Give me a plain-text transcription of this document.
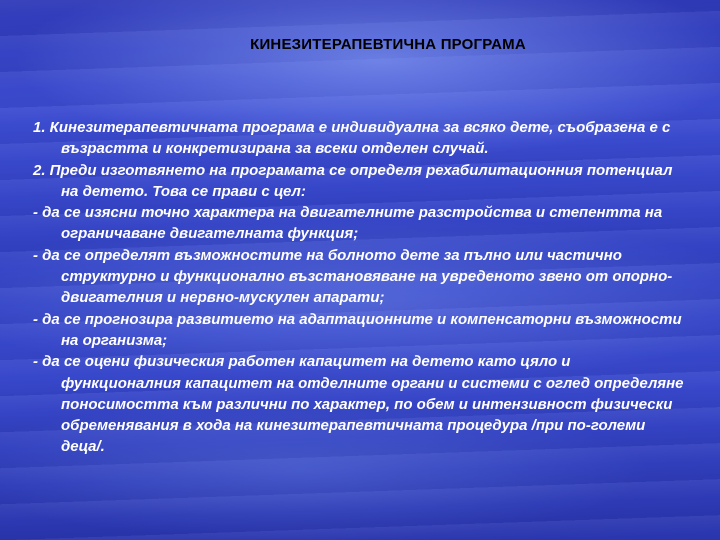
КИНЕЗИТЕРАПЕВТИЧНА ПРОГРАМА

1. Кинезитерапевтичната програма е индивидуална за всяко дете, съобразена е с възрастта и конкретизирана за всеки отделен случай.

2. Преди изготвянето на програмата се определя рехабилитационния потенциал на детето. Това се прави с цел:

- да се изясни точно характера на двигателните разстройства и степентта на ограничаване двигателната функция;

- да се определят възможностите на болното дете за пълно или частично структурно и функционално възстановяване на увреденото звено от опорно-двигателния и нервно-мускулен апарати;

- да се прогнозира развитието на адаптационните и компенсаторни възможности на организма;

- да се оцени физическия работен капацитет на детето като цяло и функционалния капацитет на отделните органи и системи с оглед определяне поносимостта към различни по характер, по обем и интензивност физически обременявания в хода на кинезитерапевтичната процедура /при по-големи деца/.
